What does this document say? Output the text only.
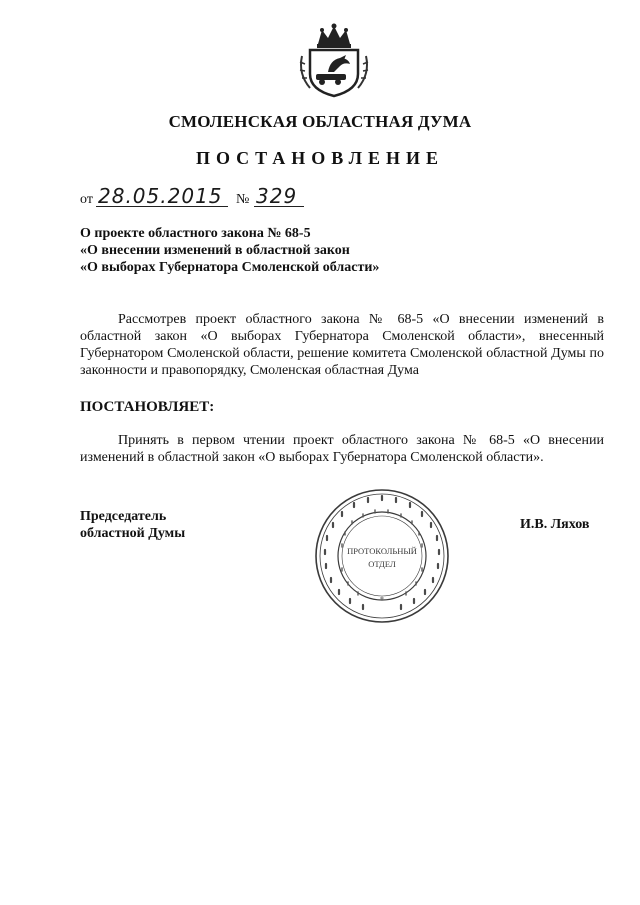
СМОЛЕНСКАЯ ОБЛАСТНАЯ ДУМА
ПОСТАНОВЛЕНИЕ
от 28.05.2015 № 329
О проекте областного закона № 68-5
«О внесении изменений в областной закон
«О выборах Губернатора Смоленской области»
Рассмотрев проект областного закона № 68-5 «О внесении изменений в областной закон «О выборах Губернатора Смоленской области», внесенный Губернатором Смоленской области, решение комитета Смоленской областной Думы по законности и правопорядку, Смоленская областная Дума
ПОСТАНОВЛЯЕТ:
Принять в первом чтении проект областного закона № 68-5 «О внесении изменений в областной закон «О выборах Губернатора Смоленской области».
Председатель
областной Думы
ПРОТОКОЛЬНЫЙ
ОТДЕЛ
*
И.В. Ляхов
